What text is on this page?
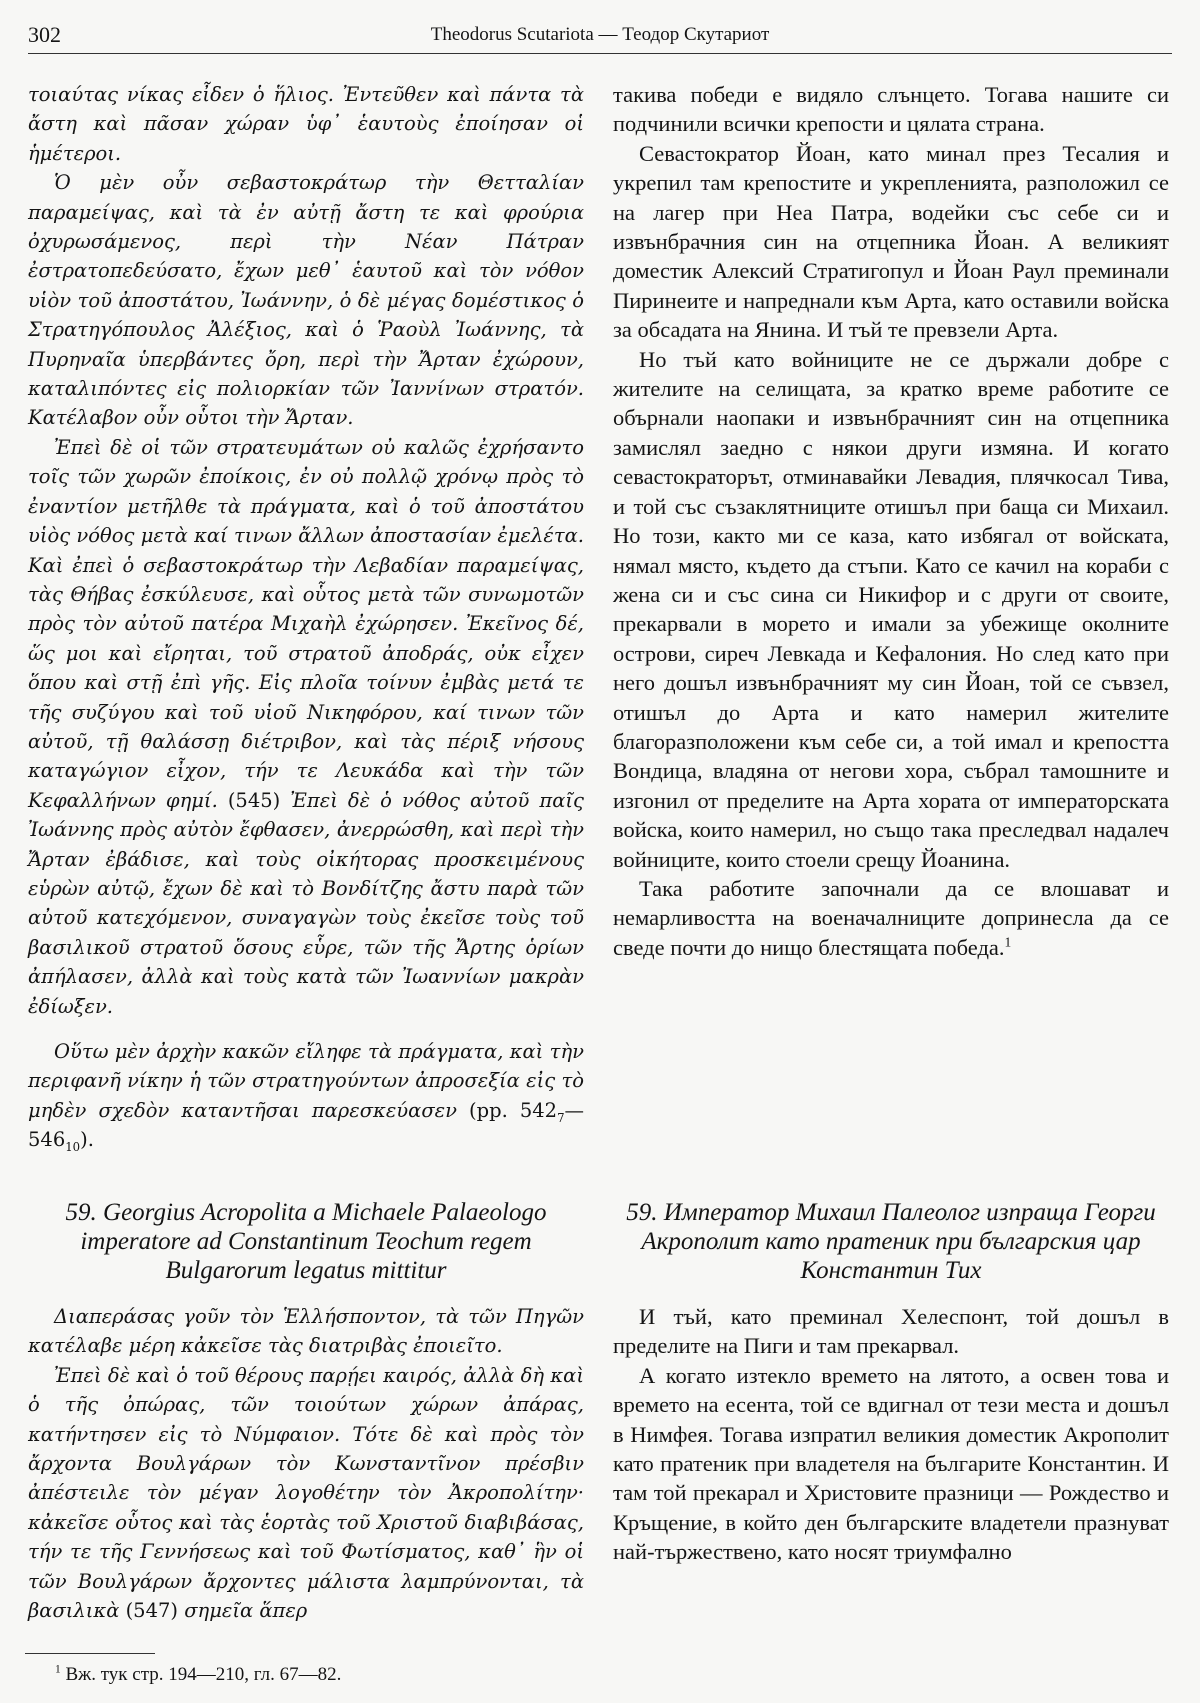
302	Theodorus Scutariota — Теодор Скутариот

τοιαύτας νίκας εἶδεν ὁ ἥλιος. Ἐντεῦθεν καὶ πάντα τὰ ἄστη καὶ πᾶσαν χώραν ὑφ᾽ ἑαυτοὺς ἐποίησαν οἱ ἡμέτεροι.

Ὁ μὲν οὖν σεβαστοκράτωρ τὴν Θετταλίαν παραμείψας, καὶ τὰ ἐν αὐτῇ ἄστη τε καὶ φρούρια ὀχυρωσάμενος, περὶ τὴν Νέαν Πάτραν ἐστρατοπεδεύσατο, ἔχων μεθ᾽ ἑαυτοῦ καὶ τὸν νόθον υἱὸν τοῦ ἀποστάτου, Ἰωάννην, ὁ δὲ μέγας δομέστικος ὁ Στρατηγόπουλος Ἀλέξιος, καὶ ὁ Ῥαοὺλ Ἰωάννης, τὰ Πυρηναῖα ὑπερβάντες ὄρη, περὶ τὴν Ἄρταν ἐχώρουν, καταλιπόντες εἰς πολιορκίαν τῶν Ἰαννίνων στρατόν. Κατέλαβον οὖν οὗτοι τὴν Ἄρταν.

Ἐπεὶ δὲ οἱ τῶν στρατευμάτων οὐ καλῶς ἐχρήσαντο τοῖς τῶν χωρῶν ἐποίκοις, ἐν οὐ πολλῷ χρόνῳ πρὸς τὸ ἐναντίον μετῆλθε τὰ πράγματα, καὶ ὁ τοῦ ἀποστάτου υἱὸς νόθος μετὰ καί τινων ἄλλων ἀποστασίαν ἐμελέτα. Καὶ ἐπεὶ ὁ σεβαστοκράτωρ τὴν Λεβαδίαν παραμείψας, τὰς Θήβας ἐσκύλευσε, καὶ οὗτος μετὰ τῶν συνωμοτῶν πρὸς τὸν αὐτοῦ πατέρα Μιχαὴλ ἐχώρησεν. Ἐκεῖνος δέ, ὥς μοι καὶ εἴρηται, τοῦ στρατοῦ ἀποδράς, οὐκ εἶχεν ὅπου καὶ στῇ ἐπὶ γῆς. Εἰς πλοῖα τοίνυν ἐμβὰς μετά τε τῆς συζύγου καὶ τοῦ υἱοῦ Νικηφόρου, καί τινων τῶν αὐτοῦ, τῇ θαλάσσῃ διέτριβον, καὶ τὰς πέριξ νήσους καταγώγιον εἶχον, τήν τε Λευκάδα καὶ τὴν τῶν Κεφαλλήνων φημί. (545) Ἐπεὶ δὲ ὁ νόθος αὐτοῦ παῖς Ἰωάννης πρὸς αὐτὸν ἔφθασεν, ἀνερρώσθη, καὶ περὶ τὴν Ἄρταν ἐβάδισε, καὶ τοὺς οἰκήτορας προσκειμένους εὑρὼν αὐτῷ, ἔχων δὲ καὶ τὸ Βονδίτζης ἄστυ παρὰ τῶν αὐτοῦ κατεχόμενον, συναγαγὼν τοὺς ἐκεῖσε τοὺς τοῦ βασιλικοῦ στρατοῦ ὅσους εὗρε, τῶν τῆς Ἄρτης ὁρίων ἀπήλασεν, ἀλλὰ καὶ τοὺς κατὰ τῶν Ἰωαννίων μακρὰν ἐδίωξεν.

Οὕτω μὲν ἀρχὴν κακῶν εἴληφε τὰ πράγματα, καὶ τὴν περιφανῆ νίκην ἡ τῶν στρατηγούντων ἀπροσεξία εἰς τὸ μηδὲν σχεδὸν καταντῆσαι παρεσκεύασεν (pp. $542_7—546_{10}$).

такива победи е видяло слънцето. Тогава нашите си подчинили всички крепости и цялата страна.

Севастократор Йоан, като минал през Тесалия и укрепил там крепостите и укрепленията, разположил се на лагер при Неа Патра, водейки със себе си и извънбрачния син на отцепника Йоан. А великият доместик Алексий Стратигопул и Йоан Раул преминали Пиринеите и напреднали към Арта, като оставили войска за обсадата на Янина. И тъй те превзели Арта.

Но тъй като войниците не се държали добре с жителите на селищата, за кратко време работите се обърнали наопаки и извънбрачният син на отцепника замислял заедно с някои други измяна. И когато севастократорът, отминавайки Левадия, плячкосал Тива, и той със съзаклятниците отишъл при баща си Михаил. Но този, както ми се каза, като избягал от войската, нямал място, където да стъпи. Като се качил на кораби с жена си и със сина си Никифор и с други от своите, прекарвали в морето и имали за убежище околните острови, сиреч Левкада и Кефалония. Но след като при него дошъл извънбрачният му син Йоан, той се съвзел, отишъл до Арта и като намерил жителите благоразположени към себе си, а той имал и крепостта Вондица, владяна от негови хора, събрал тамошните и изгонил от пределите на Арта хората от императорската войска, които намерил, но също така преследвал надалеч войниците, които стоели срещу Йоанина.

Така работите започнали да се влошават и немарливостта на военачалниците допринесла да се сведе почти до нищо блестящата победа.$^1$

59. Georgius Acropolita a Michaele Palaeologo imperatore ad Constantinum Teochum regem Bulgarorum legatus mittitur
59. Император Михаил Палеолог изпраща Георги Акрополит като пратеник при българския цар Константин Тих

Διαπεράσας γοῦν τὸν Ἑλλήσποντον, τὰ τῶν Πηγῶν κατέλαβε μέρη κἀκεῖσε τὰς διατριβὰς ἐποιεῖτο.

Ἐπεὶ δὲ καὶ ὁ τοῦ θέρους παρῄει καιρός, ἀλλὰ δὴ καὶ ὁ τῆς ὀπώρας, τῶν τοιούτων χώρων ἀπάρας, κατήντησεν εἰς τὸ Νύμφαιον. Τότε δὲ καὶ πρὸς τὸν ἄρχοντα Βουλγάρων τὸν Κωνσταντῖνον πρέσβιν ἀπέστειλε τὸν μέγαν λογοθέτην τὸν Ἀκροπολίτην· κἀκεῖσε οὗτος καὶ τὰς ἑορτὰς τοῦ Χριστοῦ διαβιβάσας, τήν τε τῆς Γεννήσεως καὶ τοῦ Φωτίσματος, καθ᾽ ἣν οἱ τῶν Βουλγάρων ἄρχοντες μάλιστα λαμπρύνονται, τὰ βασιλικὰ (547) σημεῖα ἅπερ

И тъй, като преминал Хелеспонт, той дошъл в пределите на Пиги и там прекарвал.

А когато изтекло времето на лятото, а освен това и времето на есента, той се вдигнал от тези места и дошъл в Нимфея. Тогава изпратил великия доместик Акрополит като пратеник при владетеля на българите Константин. И там той прекарал и Христовите празници — Рождество и Кръщение, в който ден българските владетели празнуват най-тържествено, като носят триумфално

$^1$ Вж. тук стр. 194—210, гл. 67—82.
